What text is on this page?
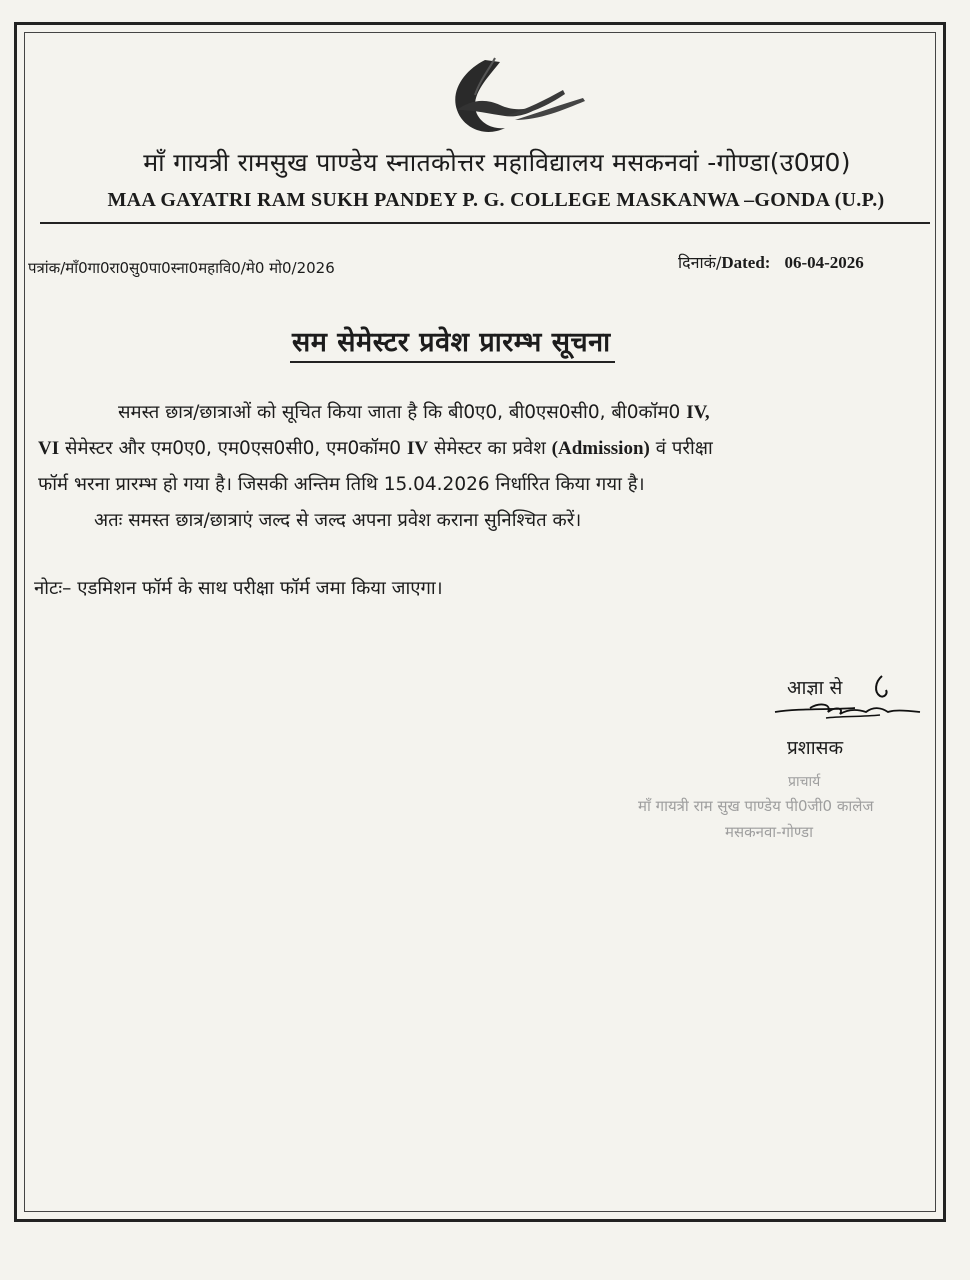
माँ गायत्री रामसुख पाण्डेय स्नातकोत्तर महाविद्यालय मसकनवां -गोण्डा(उ0प्र0)
MAA GAYATRI RAM SUKH PANDEY P. G. COLLEGE MASKANWA –GONDA (U.P.)
पत्रांक/माँ0गा0रा0सु0पा0स्ना0महावि0/मे0 मो0/2026	दिनाकं/Dated: 06-04-2026
सम सेमेस्टर प्रवेश प्रारम्भ सूचना
समस्त छात्र/छात्राओं को सूचित किया जाता है कि बी0ए0, बी0एस0सी0, बी0कॉम0 IV,
VI सेमेस्टर और एम0ए0, एम0एस0सी0, एम0कॉम0 IV सेमेस्टर का प्रवेश (Admission) वं परीक्षा
फॉर्म भरना प्रारम्भ हो गया है। जिसकी अन्तिम तिथि 15.04.2026 निर्धारित किया गया है।
अतः समस्त छात्र/छात्राएं जल्द से जल्द अपना प्रवेश कराना सुनिश्चित करें।
नोटः– एडमिशन फॉर्म के साथ परीक्षा फॉर्म जमा किया जाएगा।
आज्ञा से
प्रशासक
प्राचार्य
माँ गायत्री राम सुख पाण्डेय पी0जी0 कालेज
मसकनवा-गोण्डा
